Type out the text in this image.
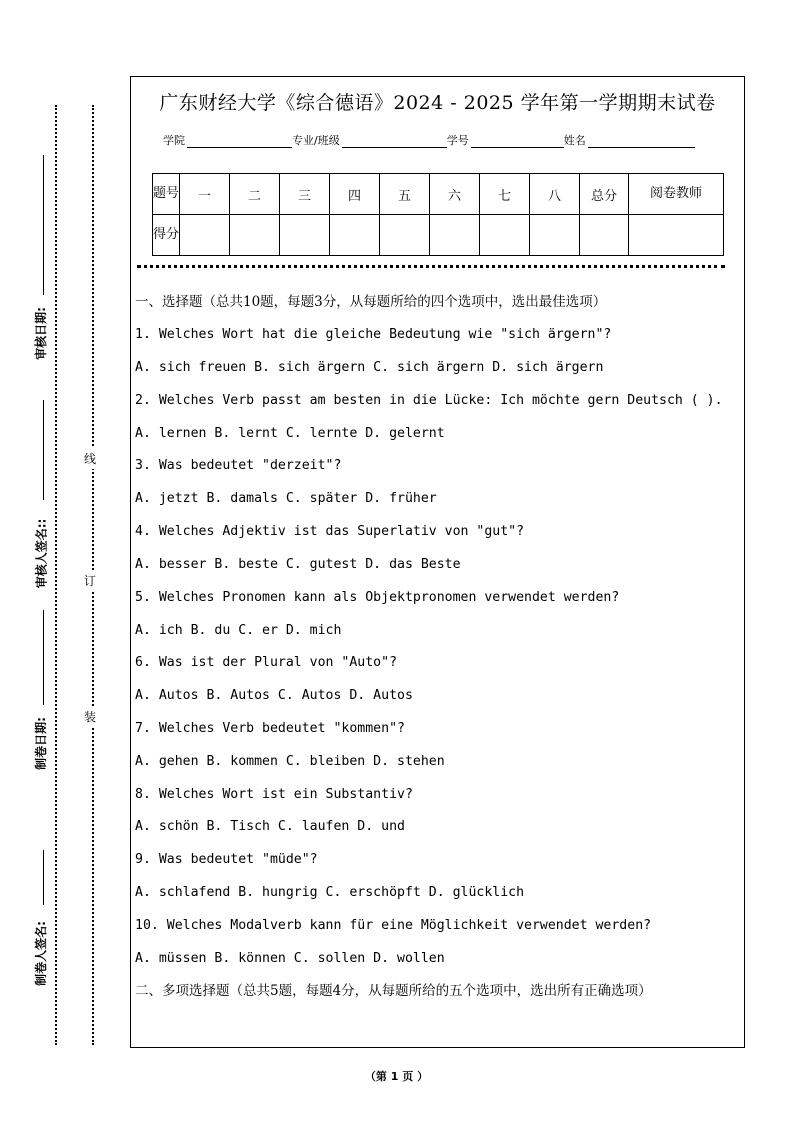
审核日期:
审核人签名::
制卷日期:
制卷人签名:
线
订
装
广东财经大学《综合德语》2024 - 2025 学年第一学期期末试卷
学院	专业/班级	学号	姓名
题号	一	二	三	四	五	六	七	八	总分	阅卷教师
得分										
一、选择题（总共10题，每题3分，从每题所给的四个选项中，选出最佳选项）
1. Welches Wort hat die gleiche Bedeutung wie "sich ärgern"?
A. sich freuen B. sich ärgern C. sich ärgern D. sich ärgern
2. Welches Verb passt am besten in die Lücke: Ich möchte gern Deutsch ( ).
A. lernen B. lernt C. lernte D. gelernt
3. Was bedeutet "derzeit"?
A. jetzt B. damals C. später D. früher
4. Welches Adjektiv ist das Superlativ von "gut"?
A. besser B. beste C. gutest D. das Beste
5. Welches Pronomen kann als Objektpronomen verwendet werden?
A. ich B. du C. er D. mich
6. Was ist der Plural von "Auto"?
A. Autos B. Autos C. Autos D. Autos
7. Welches Verb bedeutet "kommen"?
A. gehen B. kommen C. bleiben D. stehen
8. Welches Wort ist ein Substantiv?
A. schön B. Tisch C. laufen D. und
9. Was bedeutet "müde"?
A. schlafend B. hungrig C. erschöpft D. glücklich
10. Welches Modalverb kann für eine Möglichkeit verwendet werden?
A. müssen B. können C. sollen D. wollen
二、多项选择题（总共5题，每题4分，从每题所给的五个选项中，选出所有正确选项）
（第 1 页 ）
